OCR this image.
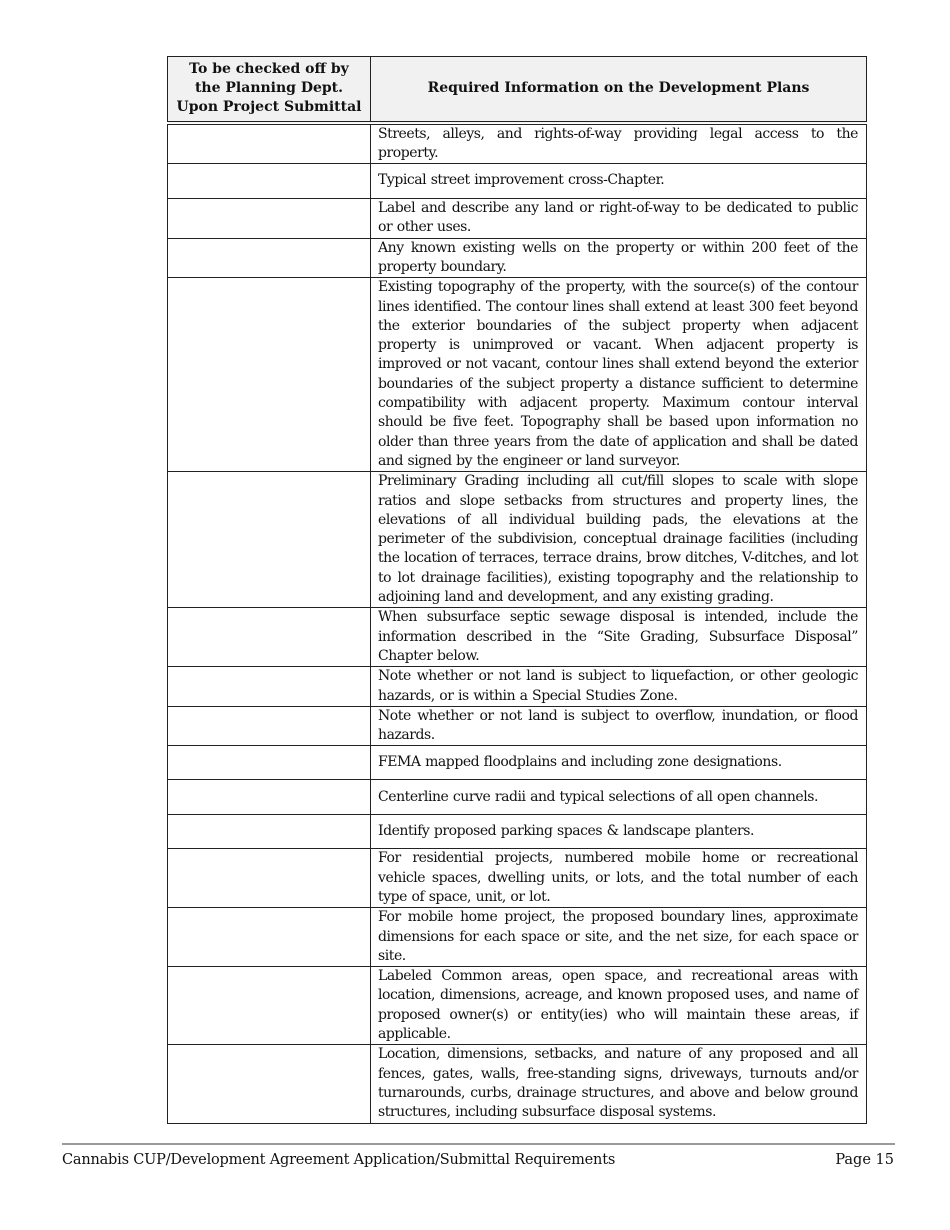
To be checked off by the Planning Dept. Upon Project Submittal	Required Information on the Development Plans
	Streets, alleys, and rights-of-way providing legal access to the property.
	Typical street improvement cross-Chapter.
	Label and describe any land or right-of-way to be dedicated to public or other uses.
	Any known existing wells on the property or within 200 feet of the property boundary.
	Existing topography of the property, with the source(s) of the contour lines identified. The contour lines shall extend at least 300 feet beyond the exterior boundaries of the subject property when adjacent property is unimproved or vacant. When adjacent property is improved or not vacant, contour lines shall extend beyond the exterior boundaries of the subject property a distance sufficient to determine compatibility with adjacent property. Maximum contour interval should be five feet. Topography shall be based upon information no older than three years from the date of application and shall be dated and signed by the engineer or land surveyor.
	Preliminary Grading including all cut/fill slopes to scale with slope ratios and slope setbacks from structures and property lines, the elevations of all individual building pads, the elevations at the perimeter of the subdivision, conceptual drainage facilities (including the location of terraces, terrace drains, brow ditches, V-ditches, and lot to lot drainage facilities), existing topography and the relationship to adjoining land and development, and any existing grading.
	When subsurface septic sewage disposal is intended, include the information described in the “Site Grading, Subsurface Disposal” Chapter below.
	Note whether or not land is subject to liquefaction, or other geologic hazards, or is within a Special Studies Zone.
	Note whether or not land is subject to overflow, inundation, or flood hazards.
	FEMA mapped floodplains and including zone designations.
	Centerline curve radii and typical selections of all open channels.
	Identify proposed parking spaces & landscape planters.
	For residential projects, numbered mobile home or recreational vehicle spaces, dwelling units, or lots, and the total number of each type of space, unit, or lot.
	For mobile home project, the proposed boundary lines, approximate dimensions for each space or site, and the net size, for each space or site.
	Labeled Common areas, open space, and recreational areas with location, dimensions, acreage, and known proposed uses, and name of proposed owner(s) or entity(ies) who will maintain these areas, if applicable.
	Location, dimensions, setbacks, and nature of any proposed and all fences, gates, walls, free-standing signs, driveways, turnouts and/or turnarounds, curbs, drainage structures, and above and below ground structures, including subsurface disposal systems.
Cannabis CUP/Development Agreement Application/Submittal Requirements	Page 15
